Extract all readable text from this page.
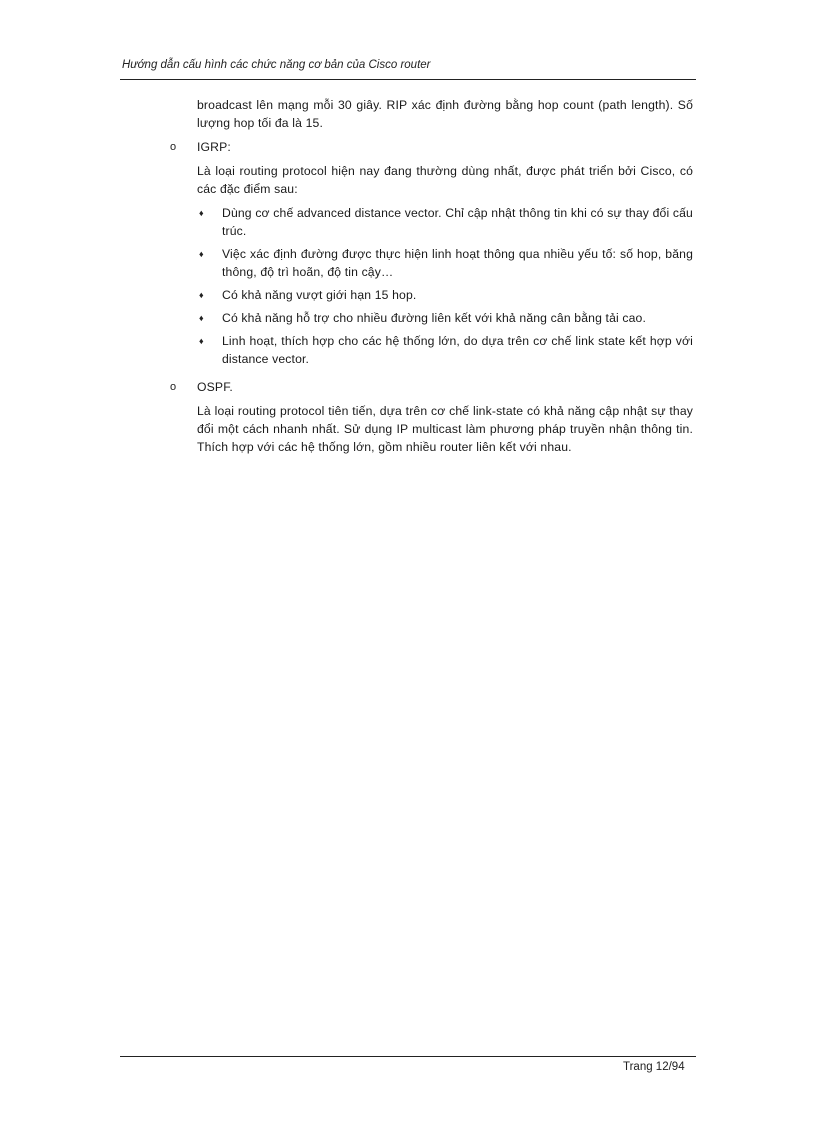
Hướng dẫn cấu hình các chức năng cơ bản của Cisco router

broadcast lên mạng mỗi 30 giây. RIP xác định đường bằng hop count (path length). Số lượng hop tối đa là 15.

o IGRP:

Là loại routing protocol hiện nay đang thường dùng nhất, được phát triển bởi Cisco, có các đặc điểm sau:

♦ Dùng cơ chế advanced distance vector. Chỉ cập nhật thông tin khi có sự thay đổi cấu trúc.
♦ Việc xác định đường được thực hiện linh hoạt thông qua nhiều yếu tố: số hop, băng thông, độ trì hoãn, độ tin cậy…
♦ Có khả năng vượt giới hạn 15 hop.
♦ Có khả năng hỗ trợ cho nhiều đường liên kết với khả năng cân bằng tải cao.
♦ Linh hoạt, thích hợp cho các hệ thống lớn, do dựa trên cơ chế link state kết hợp với distance vector.
o OSPF.

Là loại routing protocol tiên tiến, dựa trên cơ chế link-state có khả năng cập nhật sự thay đổi một cách nhanh nhất. Sử dụng IP multicast làm phương pháp truyền nhận thông tin. Thích hợp với các hệ thống lớn, gồm nhiều router liên kết với nhau.

Trang 12/94
